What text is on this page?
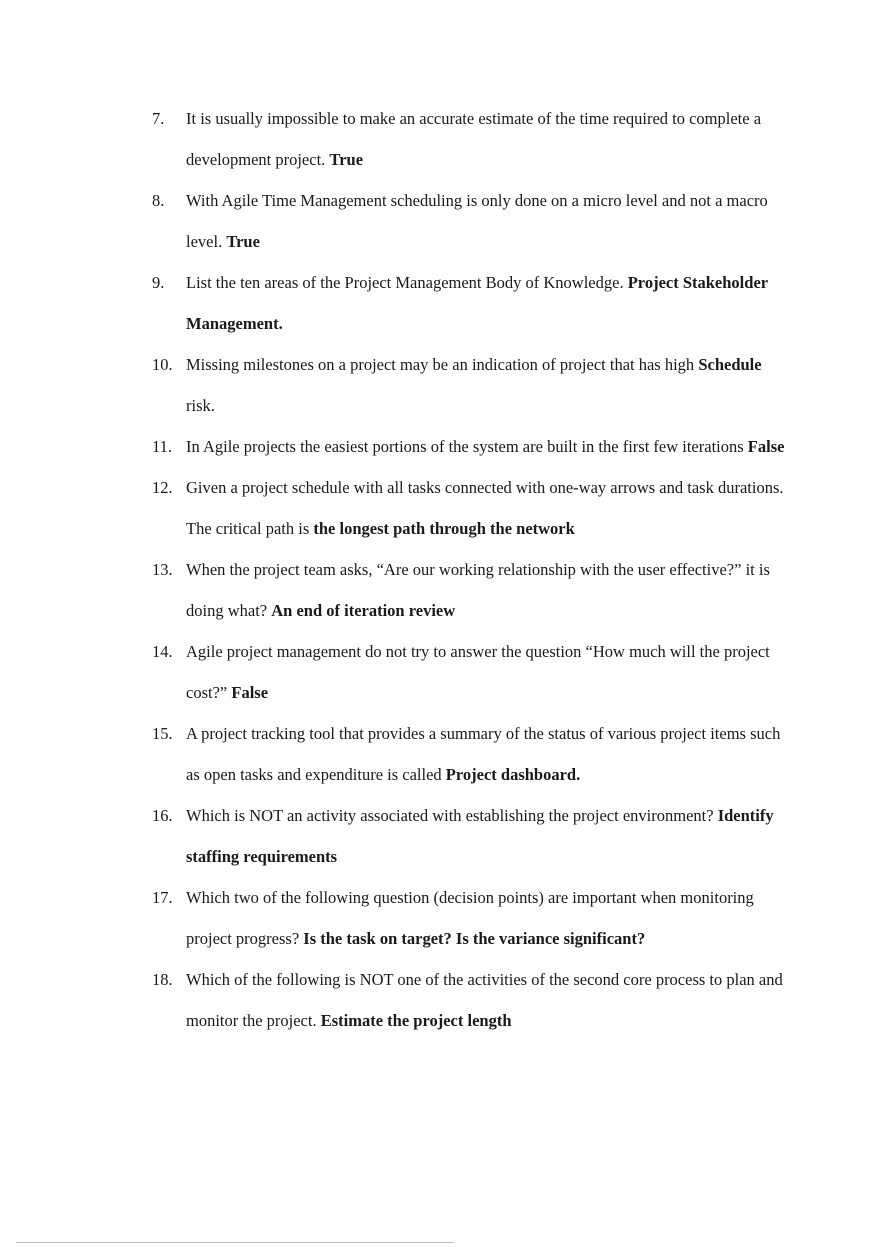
7.	It is usually impossible to make an accurate estimate of the time required to complete a development project. True
8.	With Agile Time Management scheduling is only done on a micro level and not a macro level. True
9.	List the ten areas of the Project Management Body of Knowledge. Project Stakeholder Management.
10. Missing milestones on a project may be an indication of project that has high Schedule risk.
11. In Agile projects the easiest portions of the system are built in the first few iterations False
12. Given a project schedule with all tasks connected with one-way arrows and task durations. The critical path is the longest path through the network
13. When the project team asks, “Are our working relationship with the user effective?” it is doing what? An end of iteration review
14. Agile project management do not try to answer the question “How much will the project cost?” False
15. A project tracking tool that provides a summary of the status of various project items such as open tasks and expenditure is called Project dashboard.
16. Which is NOT an activity associated with establishing the project environment? Identify staffing requirements
17. Which two of the following question (decision points) are important when monitoring project progress? Is the task on target? Is the variance significant?
18. Which of the following is NOT one of the activities of the second core process to plan and monitor the project. Estimate the project length
